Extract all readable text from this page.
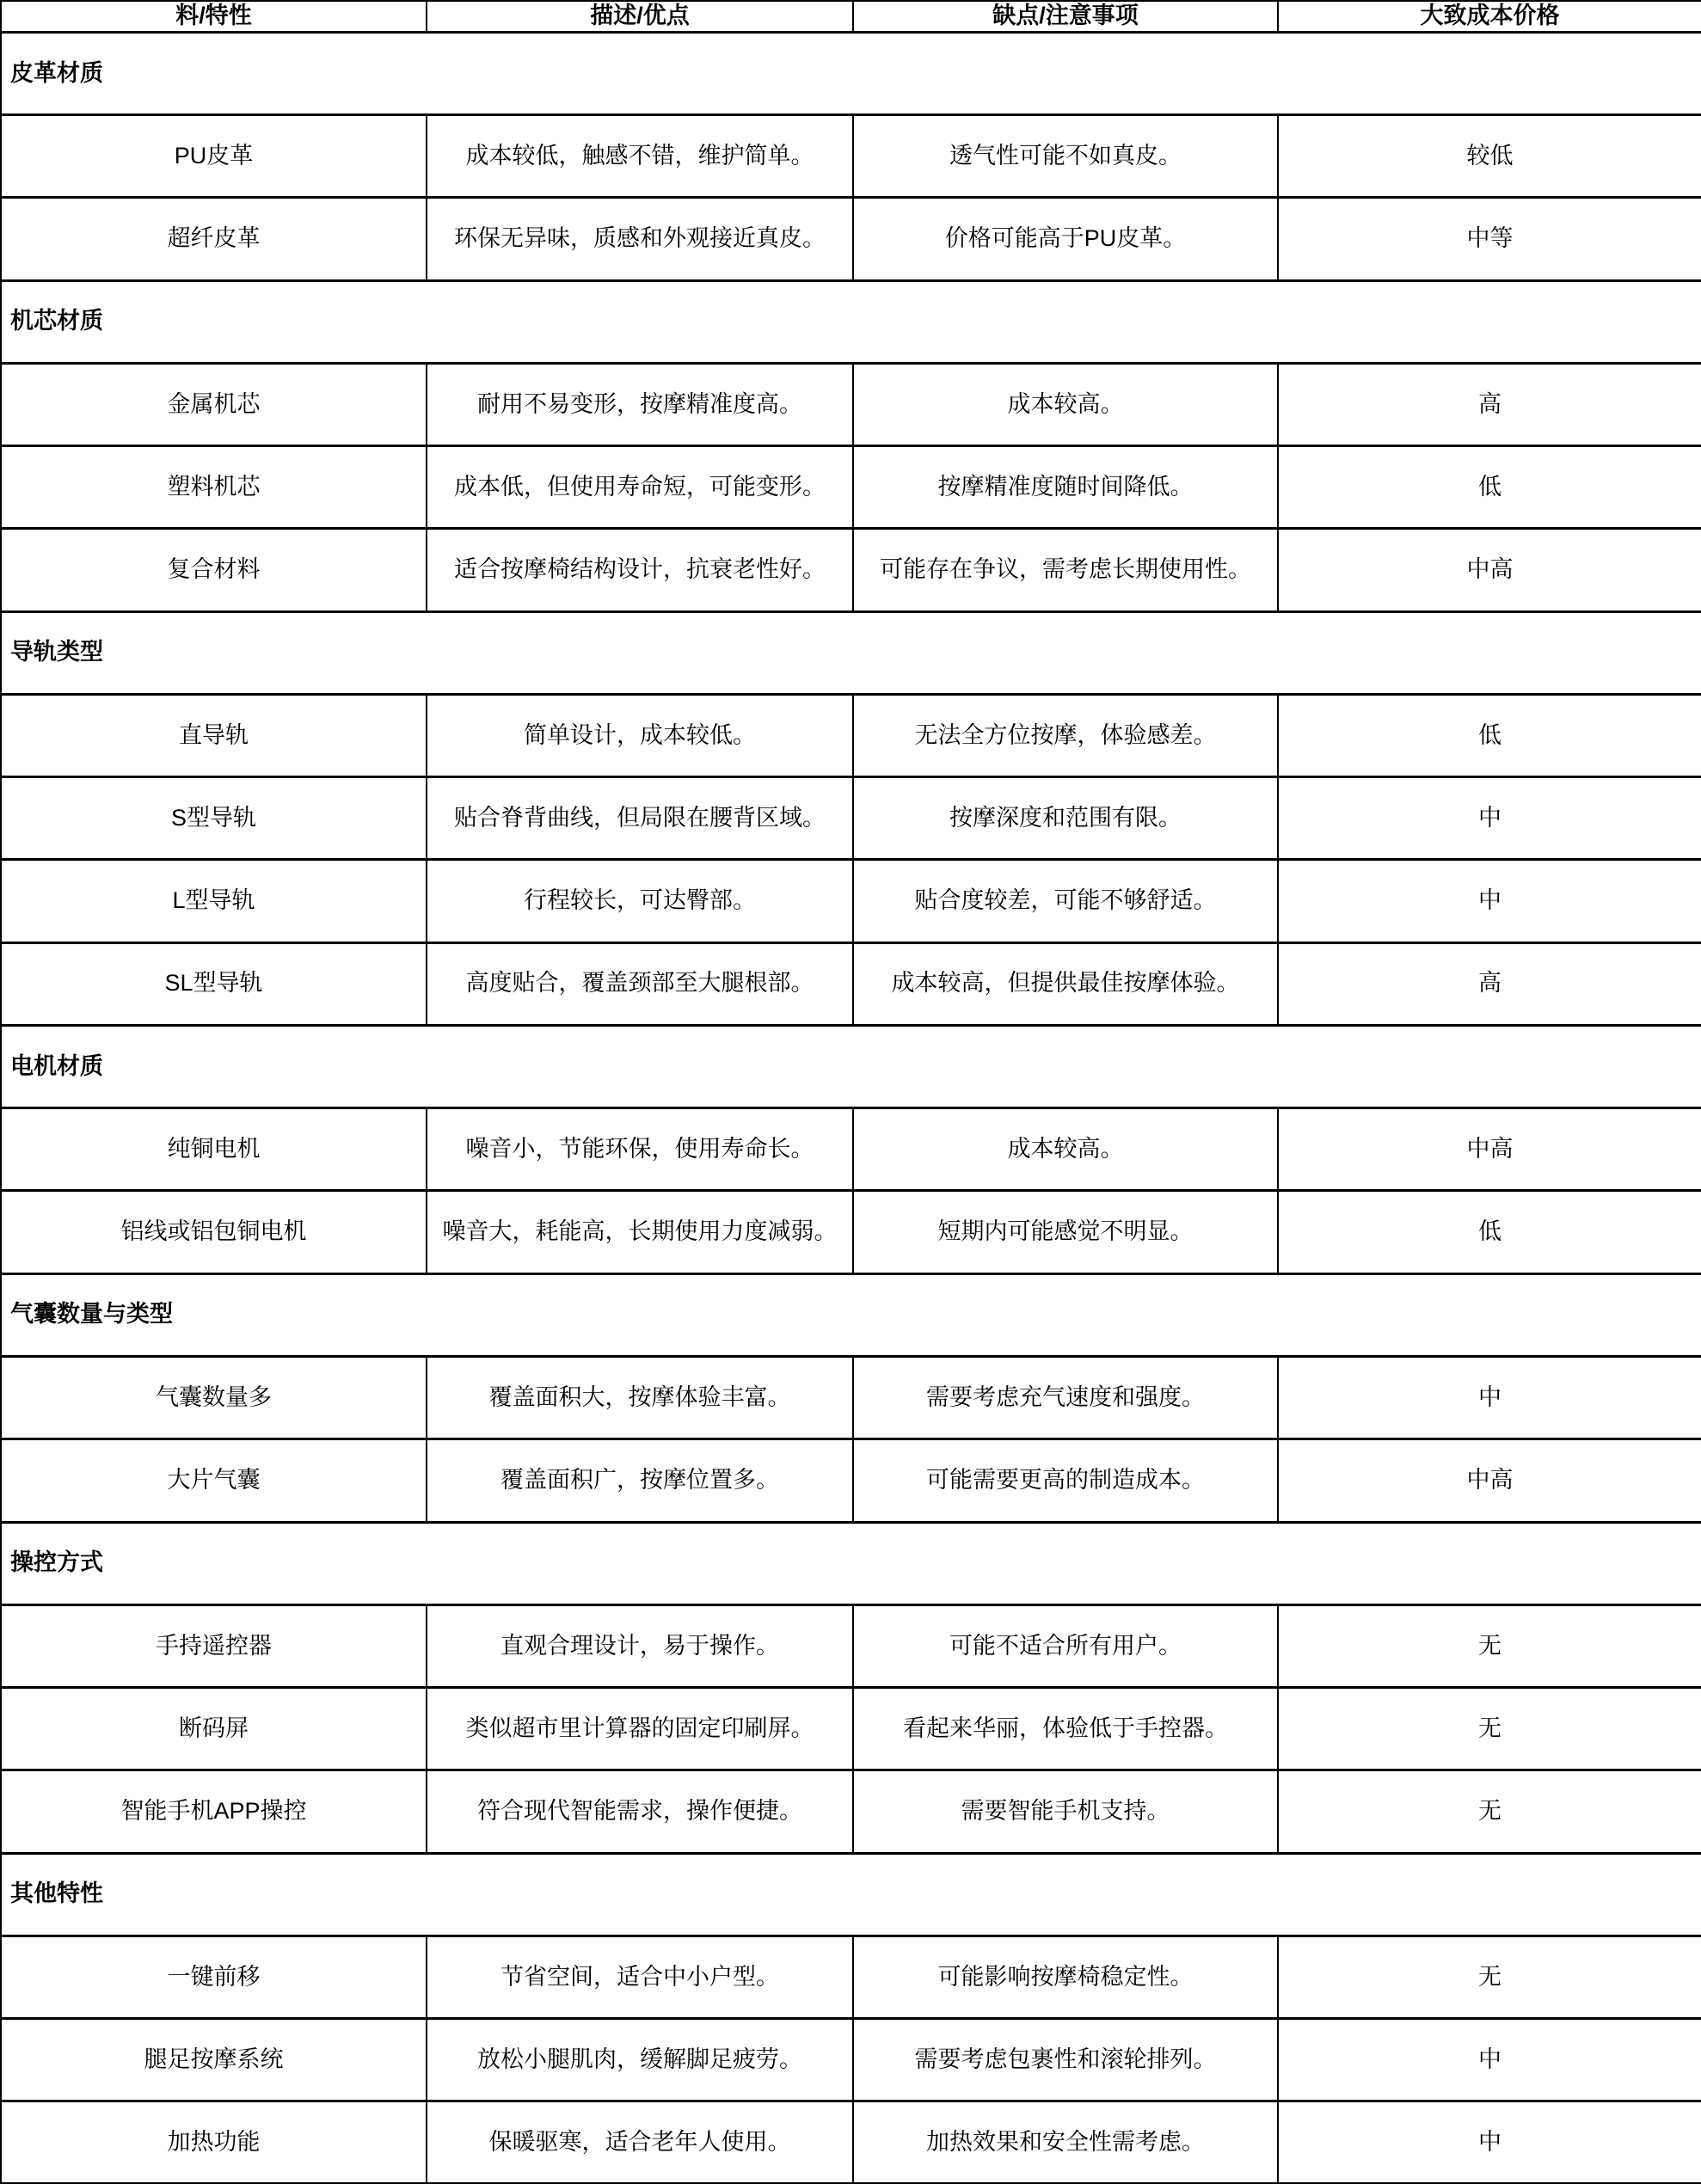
料/特性	描述/优点	缺点/注意事项	大致成本价格
皮革材质			
PU皮革	成本较低，触感不错，维护简单。	透气性可能不如真皮。	较低
超纤皮革	环保无异味，质感和外观接近真皮。	价格可能高于PU皮革。	中等
机芯材质			
金属机芯	耐用不易变形，按摩精准度高。	成本较高。	高
塑料机芯	成本低，但使用寿命短，可能变形。	按摩精准度随时间降低。	低
复合材料	适合按摩椅结构设计，抗衰老性好。	可能存在争议，需考虑长期使用性。	中高
导轨类型			
直导轨	简单设计，成本较低。	无法全方位按摩，体验感差。	低
S型导轨	贴合脊背曲线，但局限在腰背区域。	按摩深度和范围有限。	中
L型导轨	行程较长，可达臀部。	贴合度较差，可能不够舒适。	中
SL型导轨	高度贴合，覆盖颈部至大腿根部。	成本较高，但提供最佳按摩体验。	高
电机材质			
纯铜电机	噪音小，节能环保，使用寿命长。	成本较高。	中高
铝线或铝包铜电机	噪音大，耗能高，长期使用力度减弱。	短期内可能感觉不明显。	低
气囊数量与类型			
气囊数量多	覆盖面积大，按摩体验丰富。	需要考虑充气速度和强度。	中
大片气囊	覆盖面积广，按摩位置多。	可能需要更高的制造成本。	中高
操控方式			
手持遥控器	直观合理设计，易于操作。	可能不适合所有用户。	无
断码屏	类似超市里计算器的固定印刷屏。	看起来华丽，体验低于手控器。	无
智能手机APP操控	符合现代智能需求，操作便捷。	需要智能手机支持。	无
其他特性			
一键前移	节省空间，适合中小户型。	可能影响按摩椅稳定性。	无
腿足按摩系统	放松小腿肌肉，缓解脚足疲劳。	需要考虑包裹性和滚轮排列。	中
加热功能	保暖驱寒，适合老年人使用。	加热效果和安全性需考虑。	中
